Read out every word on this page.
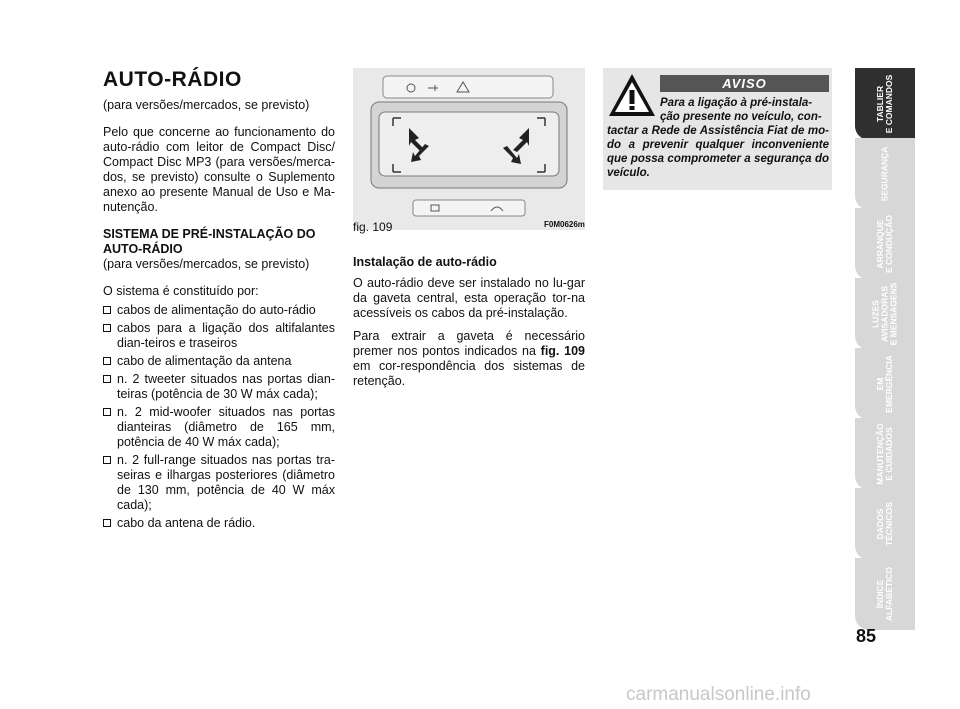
AUTO-RÁDIO
(para versões/mercados, se previsto)
Pelo que concerne ao funcionamento do auto-rádio com leitor de Compact Disc/ Compact Disc MP3 (para versões/merca-dos, se previsto) consulte o Suplemento anexo ao presente Manual de Uso e Ma-nutenção.
SISTEMA DE PRÉ-INSTALAÇÃO DO AUTO-RÁDIO
(para versões/mercados, se previsto)
O sistema é constituído por:
cabos de alimentação do auto-rádio
cabos para a ligação dos altifalantes dian-teiros e traseiros
cabo de alimentação da antena
n. 2 tweeter situados nas portas dian-teiras (potência de 30 W máx cada);
n. 2 mid-woofer situados nas portas dianteiras (diâmetro de 165 mm, potência de 40 W máx cada);
n. 2 full-range situados nas portas tra-seiras e ilhargas posteriores (diâmetro de 130 mm, potência de 40 W máx cada);
cabo da antena de rádio.
fig. 109	F0M0626m
Instalação de auto-rádio
O auto-rádio deve ser instalado no lu-gar da gaveta central, esta operação tor-na acessíveis os cabos da pré-instalação.
Para extrair a gaveta é necessário premer nos pontos indicados na fig. 109 em cor-respondência dos sistemas de retenção.
AVISO
Para a ligação à pré-instala-
ção presente no veículo, con-
tactar a Rede de Assistência Fiat de mo-do a prevenir qualquer inconveniente que possa comprometer a segurança do veículo.
TABLIER
E COMANDOS
SEGURANÇA
ARRANQUE
E CONDUÇÃO
LUZES
AVISADORAS
E MENSAGENS
EM
EMERGÊNCIA
MANUTENÇÃO
E CUIDADOS
DADOS
TÉCNICOS
ÍNDICE
ALFABÉTICO
85
carmanualsonline.info
